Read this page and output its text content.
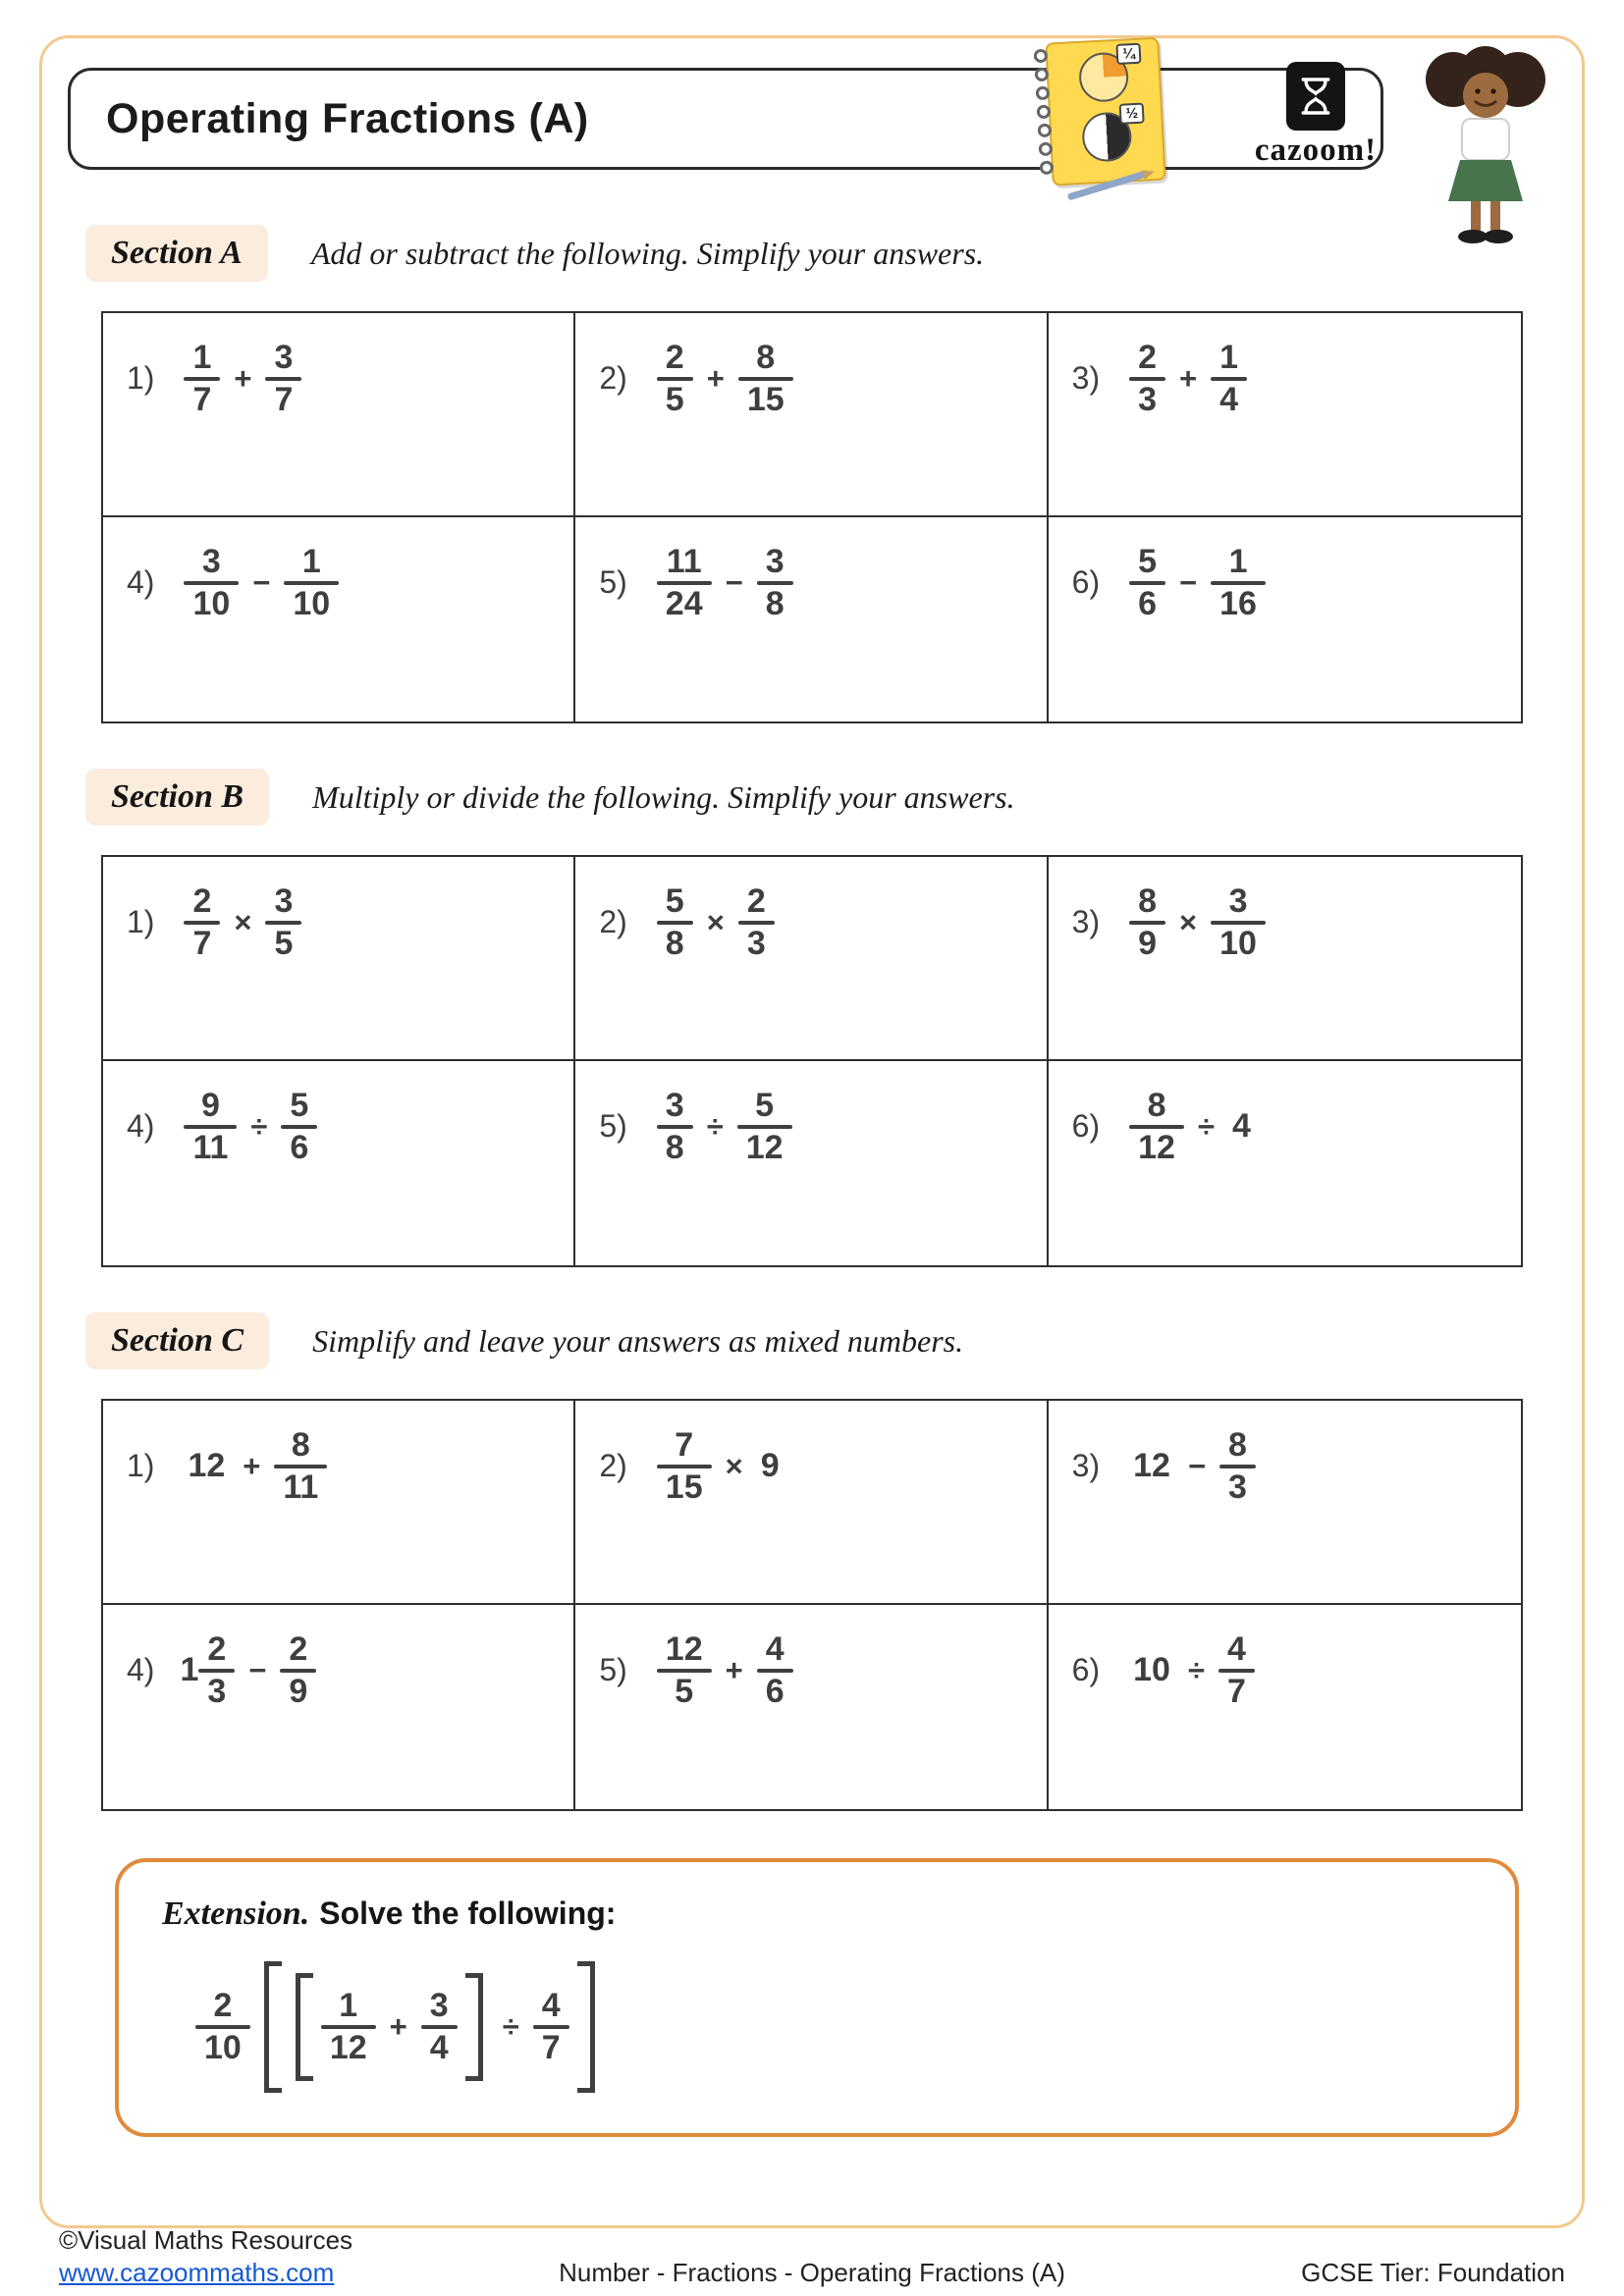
Operating Fractions (A)
¼
½
cazoom!
Section A	Add or subtract the following. Simplify your answers.
$1) \frac{1}{7} + \frac{3}{7}$	$2) \frac{2}{5} + \frac{8}{15}$	$3) \frac{2}{3} + \frac{1}{4}$
$4) \frac{3}{10} - \frac{1}{10}$	$5) \frac{11}{24} - \frac{3}{8}$	$6) \frac{5}{6} - \frac{1}{16}$
Section B	Multiply or divide the following. Simplify your answers.
$1) \frac{2}{7} \times \frac{3}{5}$	$2) \frac{5}{8} \times \frac{2}{3}$	$3) \frac{8}{9} \times \frac{3}{10}$
$4) \frac{9}{11} \div \frac{5}{6}$	$5) \frac{3}{8} \div \frac{5}{12}$	$6) \frac{8}{12} \div 4$
Section C	Simplify and leave your answers as mixed numbers.
1) $12 + \frac{8}{11}$	$2) \frac{7}{15} \times 9$	3) $12 - \frac{8}{3}$
4) $1 \frac{2}{3} - \frac{2}{9}$	$5) \frac{12}{5} + \frac{4}{6}$	6) $10 \div \frac{4}{7}$
Extension. Solve the following:
$\frac{2}{10} \frac{1}{12} + \frac{3}{4} \div \frac{4}{7}$
©Visual Maths Resources
www.cazoommaths.com	Number - Fractions - Operating Fractions (A)	GCSE Tier: Foundation
